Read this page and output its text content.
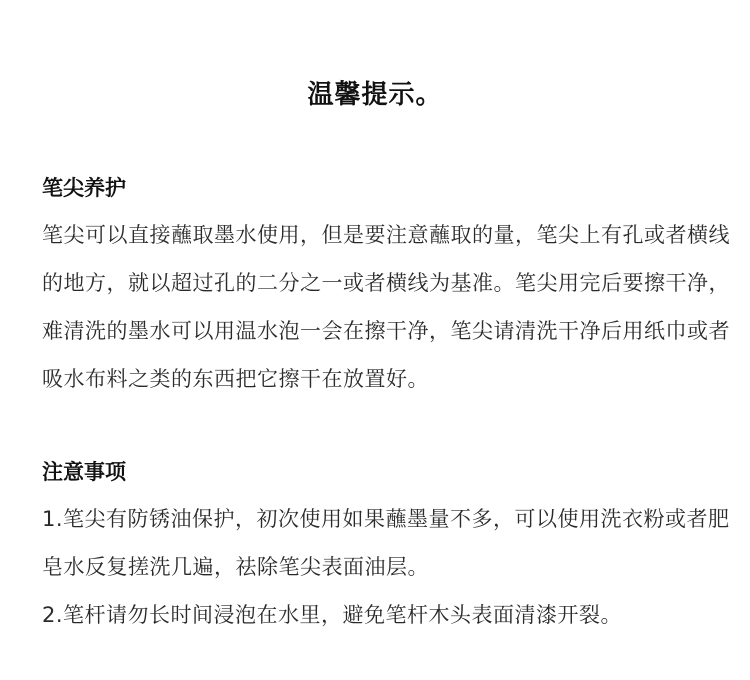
温馨提示。
笔尖养护

笔尖可以直接蘸取墨水使用，但是要注意蘸取的量，笔尖上有孔或者横线的地方，就以超过孔的二分之一或者横线为基准。笔尖用完后要擦干净，难清洗的墨水可以用温水泡一会在擦干净，笔尖请清洗干净后用纸巾或者吸水布料之类的东西把它擦干在放置好。

注意事项

1.笔尖有防锈油保护，初次使用如果蘸墨量不多，可以使用洗衣粉或者肥皂水反复搓洗几遍，祛除笔尖表面油层。

2.笔杆请勿长时间浸泡在水里，避免笔杆木头表面清漆开裂。
